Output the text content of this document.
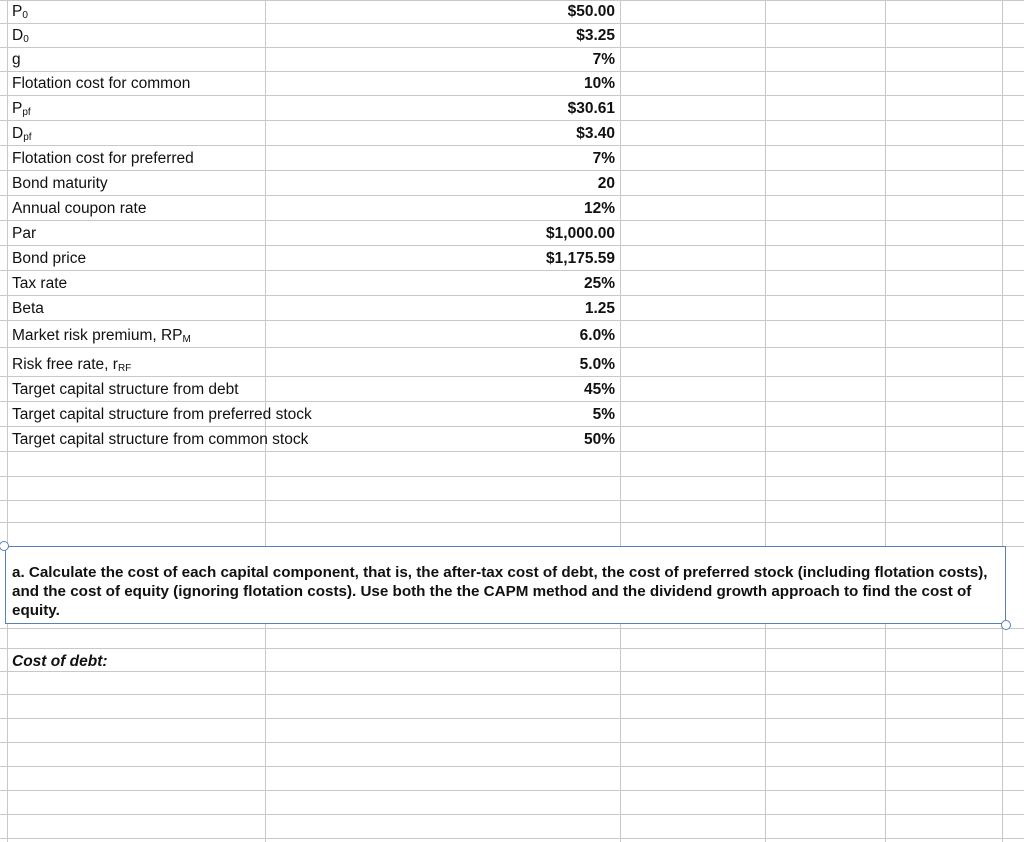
$P_0$	$50.00
$D_0$	$3.25
g	7%
Flotation cost for common	10%
$P_{pf}$	$30.61
$D_{pf}$	$3.40
Flotation cost for preferred	7%
Bond maturity	20
Annual coupon rate	12%
Par	$1,000.00
Bond price	$1,175.59
Tax rate	25%
Beta	1.25
Market risk premium, $RP_M$	6.0%
Risk free rate, $r_{RF}$	5.0%
Target capital structure from debt	45%
Target capital structure from preferred stock	5%
Target capital structure from common stock	50%

a. Calculate the cost of each capital component, that is, the after-tax cost of debt, the cost of preferred stock (including flotation costs), and the cost of equity (ignoring flotation costs). Use both the the CAPM method and the dividend growth approach to find the cost of equity.

Cost of debt:
